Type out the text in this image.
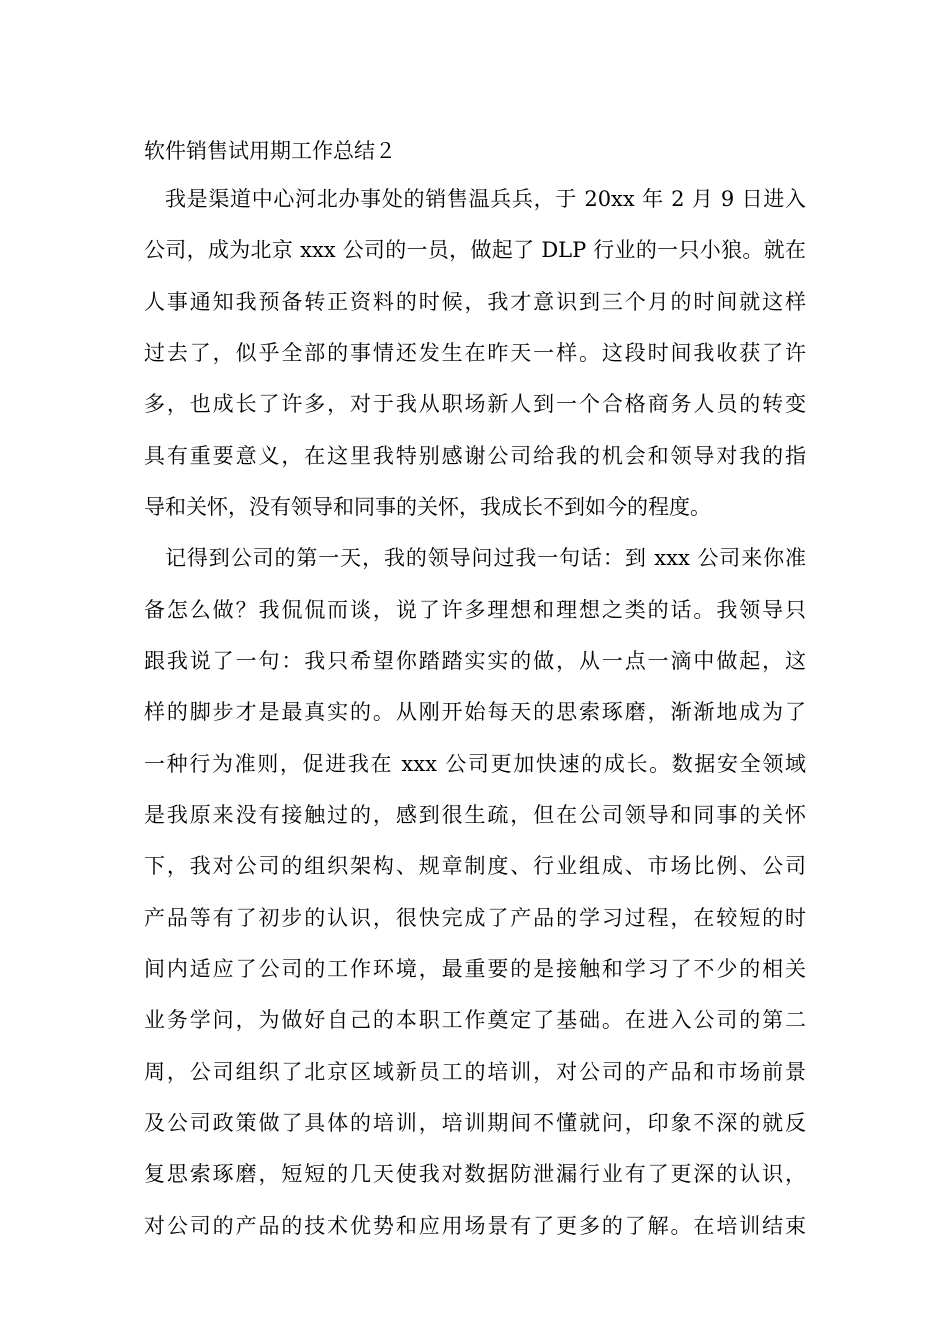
软件销售试用期工作总结２
我是渠道中心河北办事处的销售温兵兵，于 20xx 年 2 月 9 日进入
公司，成为北京 xxx 公司的一员，做起了 DLP 行业的一只小狼。就在
人事通知我预备转正资料的时候，我才意识到三个月的时间就这样
过去了，似乎全部的事情还发生在昨天一样。这段时间我收获了许
多，也成长了许多，对于我从职场新人到一个合格商务人员的转变
具有重要意义，在这里我特别感谢公司给我的机会和领导对我的指
导和关怀，没有领导和同事的关怀，我成长不到如今的程度。
记得到公司的第一天，我的领导问过我一句话：到 xxx 公司来你准
备怎么做？我侃侃而谈，说了许多理想和理想之类的话。我领导只
跟我说了一句：我只希望你踏踏实实的做，从一点一滴中做起，这
样的脚步才是最真实的。从刚开始每天的思索琢磨，渐渐地成为了
一种行为准则，促进我在 xxx 公司更加快速的成长。数据安全领域
是我原来没有接触过的，感到很生疏，但在公司领导和同事的关怀
下，我对公司的组织架构、规章制度、行业组成、市场比例、公司
产品等有了初步的认识，很快完成了产品的学习过程，在较短的时
间内适应了公司的工作环境，最重要的是接触和学习了不少的相关
业务学问，为做好自己的本职工作奠定了基础。在进入公司的第二
周，公司组织了北京区域新员工的培训，对公司的产品和市场前景
及公司政策做了具体的培训，培训期间不懂就问，印象不深的就反
复思索琢磨，短短的几天使我对数据防泄漏行业有了更深的认识，
对公司的产品的技术优势和应用场景有了更多的了解。在培训结束
